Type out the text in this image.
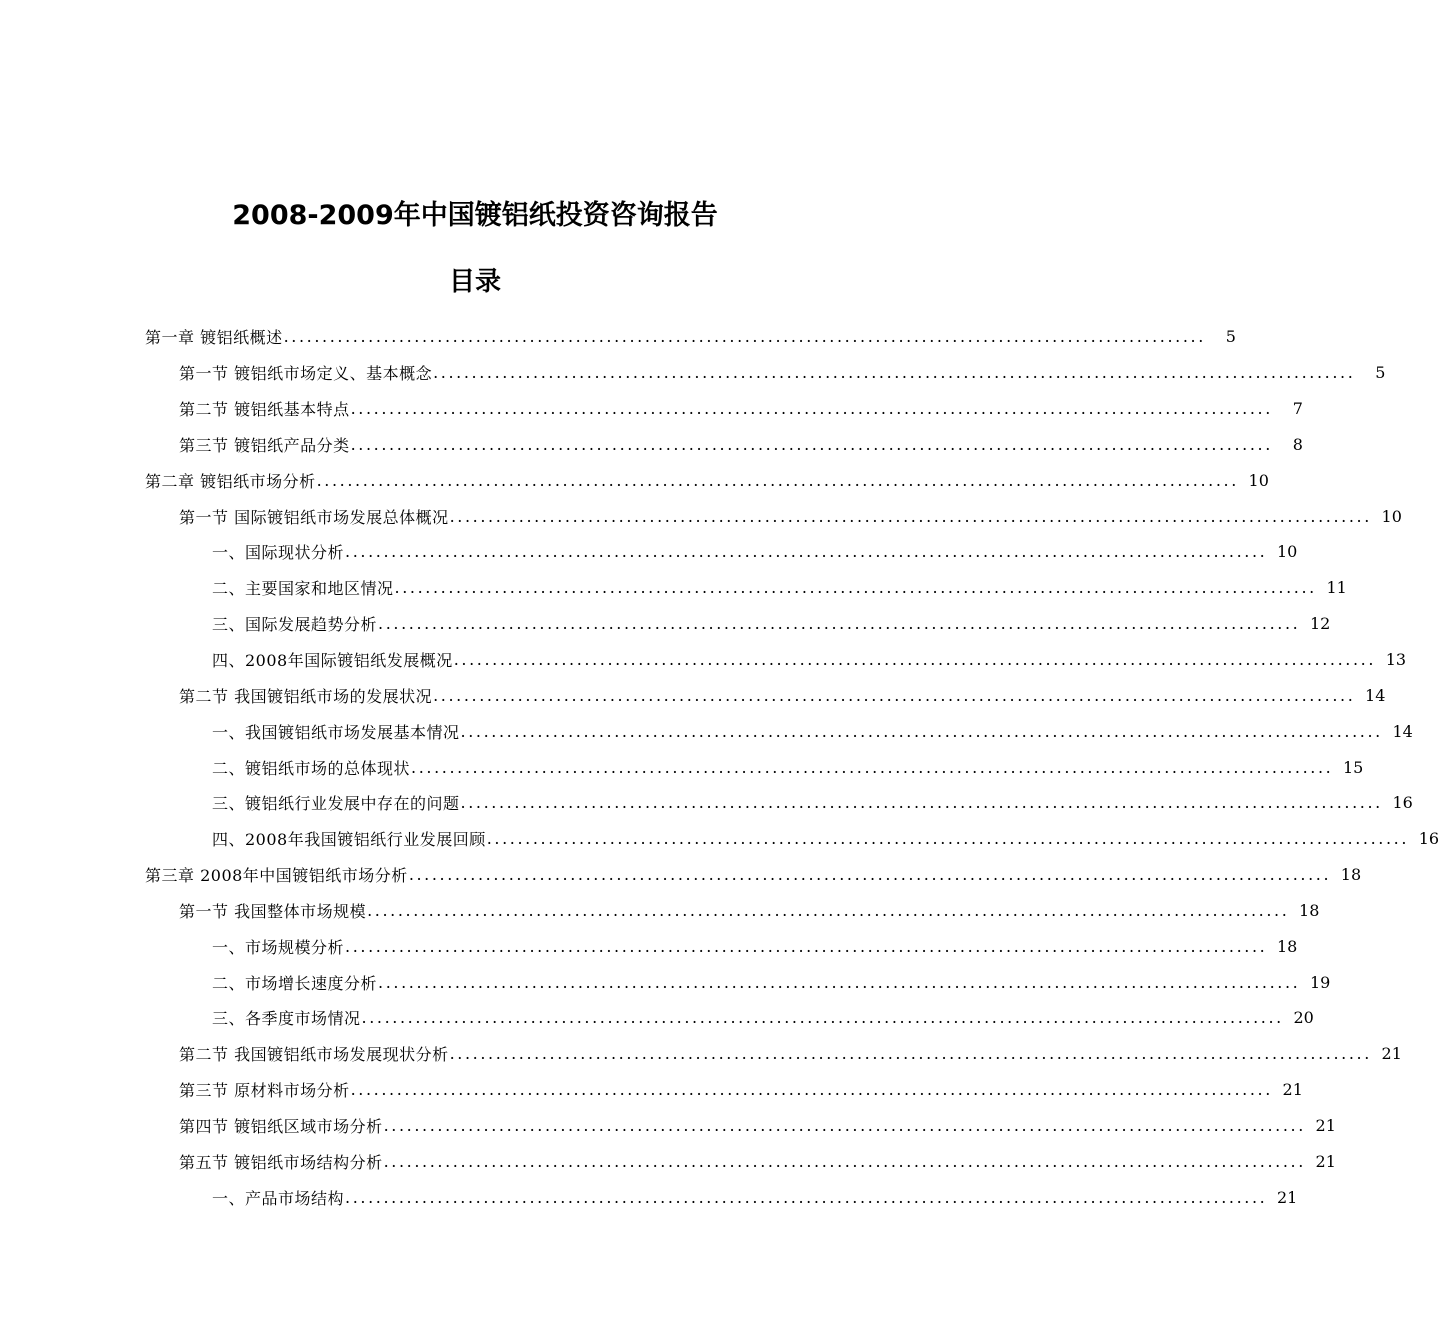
2008-2009年中国镀铝纸投资咨询报告
目录
第一章 镀铝纸概述 ........................................................................................................................	5
第一节 镀铝纸市场定义、基本概念 ........................................................................................................................	5
第二节 镀铝纸基本特点 ........................................................................................................................	7
第三节 镀铝纸产品分类 ........................................................................................................................	8
第二章 镀铝纸市场分析 ........................................................................................................................ 10
第一节 国际镀铝纸市场发展总体概况 ........................................................................................................................ 10
一、国际现状分析 ........................................................................................................................ 10
二、主要国家和地区情况 ........................................................................................................................ 11
三、国际发展趋势分析 ........................................................................................................................ 12
四、2008年国际镀铝纸发展概况 ........................................................................................................................ 13
第二节 我国镀铝纸市场的发展状况 ........................................................................................................................ 14
一、我国镀铝纸市场发展基本情况 ........................................................................................................................ 14
二、镀铝纸市场的总体现状 ........................................................................................................................ 15
三、镀铝纸行业发展中存在的问题 ........................................................................................................................ 16
四、2008年我国镀铝纸行业发展回顾 ........................................................................................................................ 16
第三章 2008年中国镀铝纸市场分析 ........................................................................................................................ 18
第一节 我国整体市场规模 ........................................................................................................................ 18
一、市场规模分析 ........................................................................................................................ 18
二、市场增长速度分析 ........................................................................................................................ 19
三、各季度市场情况 ........................................................................................................................ 20
第二节 我国镀铝纸市场发展现状分析 ........................................................................................................................ 21
第三节 原材料市场分析 ........................................................................................................................ 21
第四节 镀铝纸区域市场分析 ........................................................................................................................ 21
第五节 镀铝纸市场结构分析 ........................................................................................................................ 21
一、产品市场结构 ........................................................................................................................ 21
